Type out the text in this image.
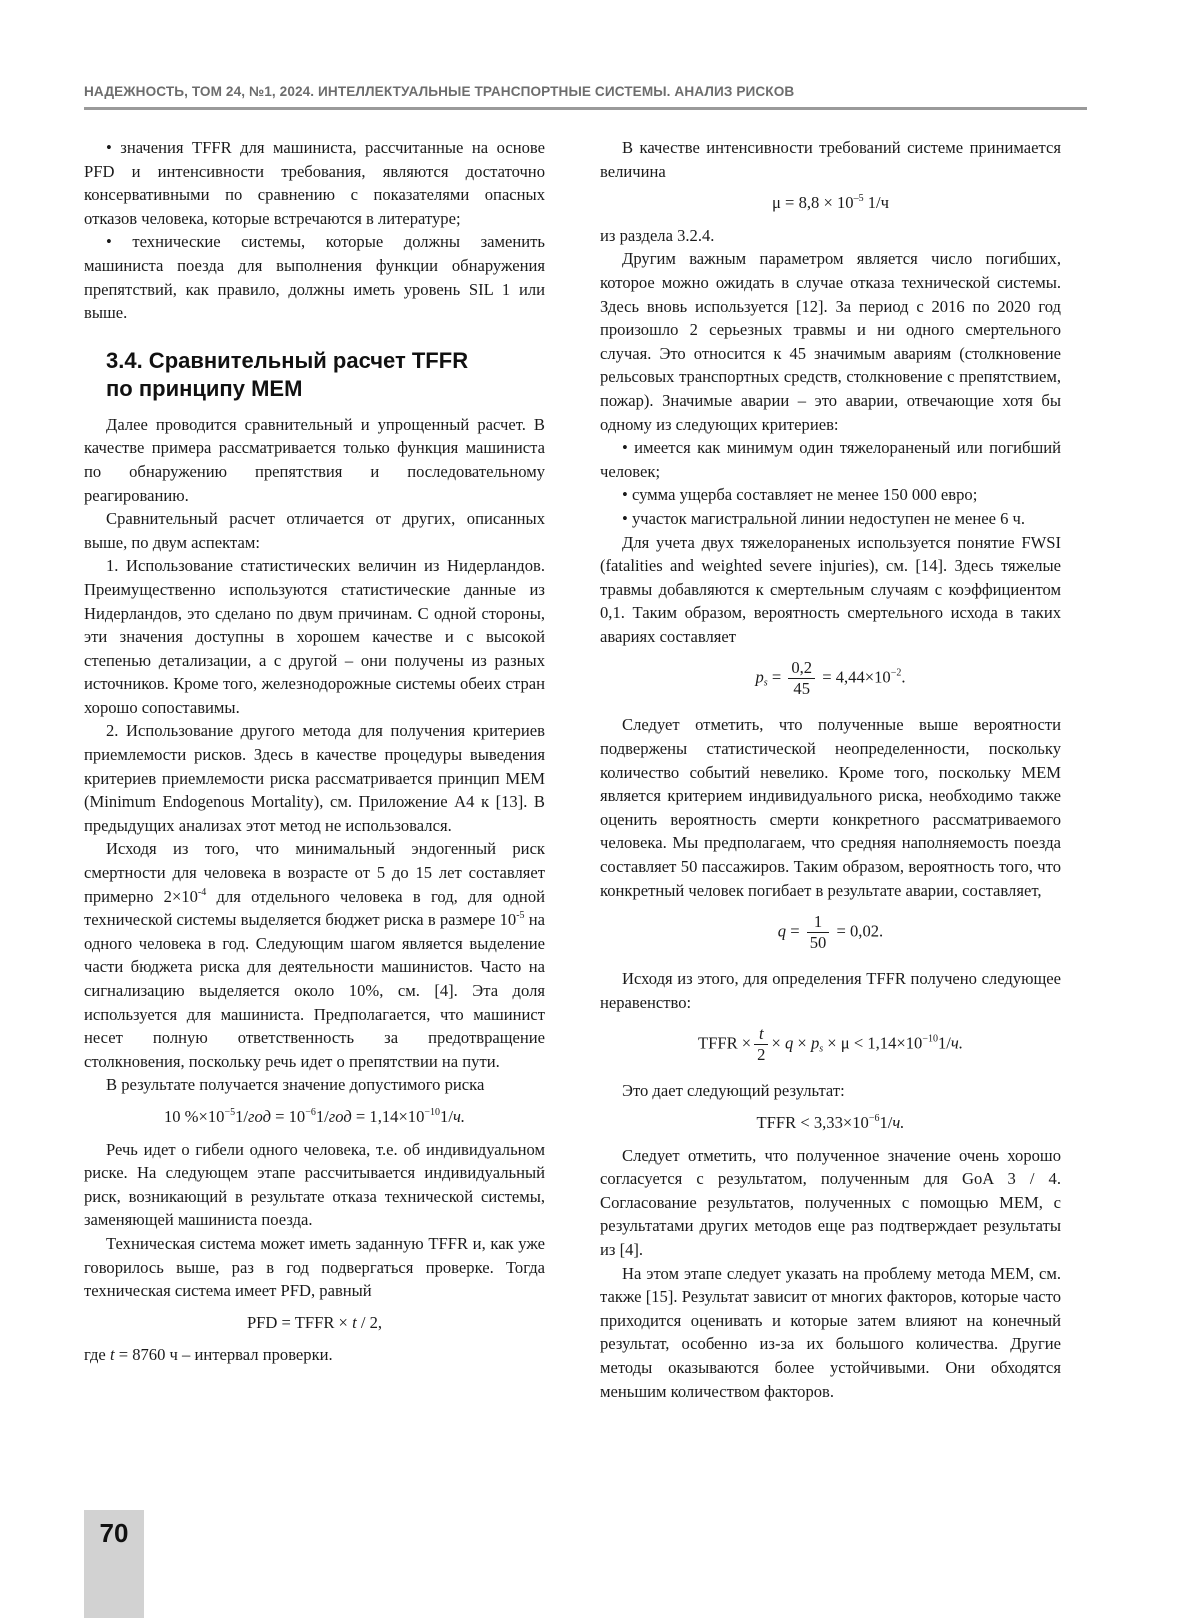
НАДЕЖНОСТЬ, ТОМ 24, №1, 2024. ИНТЕЛЛЕКТУАЛЬНЫЕ ТРАНСПОРТНЫЕ СИСТЕМЫ. АНАЛИЗ РИСКОВ

• значения TFFR для машиниста, рассчитанные на основе PFD и интенсивности требования, являются достаточно консервативными по сравнению с показателями опасных отказов человека, которые встречаются в литературе;

• технические системы, которые должны заменить машиниста поезда для выполнения функции обнаружения препятствий, как правило, должны иметь уровень SIL 1 или выше.

3.4. Сравнительный расчет TFFR
по принципу МЕМ

Далее проводится сравнительный и упрощенный расчет. В качестве примера рассматривается только функция машиниста по обнаружению препятствия и последовательному реагированию.

Сравнительный расчет отличается от других, описанных выше, по двум аспектам:

1. Использование статистических величин из Нидерландов. Преимущественно используются статистические данные из Нидерландов, это сделано по двум причинам. С одной стороны, эти значения доступны в хорошем качестве и с высокой степенью детализации, а с другой – они получены из разных источников. Кроме того, железнодорожные системы обеих стран хорошо сопоставимы.

2. Использование другого метода для получения критериев приемлемости рисков. Здесь в качестве процедуры выведения критериев приемлемости риска рассматривается принцип MEM (Minimum Endogenous Mortality), см. Приложение А4 к [13]. В предыдущих анализах этот метод не использовался.

Исходя из того, что минимальный эндогенный риск смертности для человека в возрасте от 5 до 15 лет составляет примерно $2\times 10^{-4}$ для отдельного человека в год, для одной технической системы выделяется бюджет риска в размере $10^{-5}$ на одного человека в год. Следующим шагом является выделение части бюджета риска для деятельности машинистов. Часто на сигнализацию выделяется около 10%, см. [4]. Эта доля используется для машиниста. Предполагается, что машинист несет полную ответственность за предотвращение столкновения, поскольку речь идет о препятствии на пути.

В результате получается значение допустимого риска

10 $\%\times 10^{-5}1$/год = $10^{-6}1$/год = $1,14\times 10^{-10}1/ч$.

Речь идет о гибели одного человека, т.е. об индивидуальном риске. На следующем этапе рассчитывается индивидуальный риск, возникающий в результате отказа технической системы, заменяющей машиниста поезда.

Техническая система может иметь заданную TFFR и, как уже говорилось выше, раз в год подвергаться проверке. Тогда техническая система имеет PFD, равный

PFD = TFFR × t / 2,

где t = 8760 ч – интервал проверки.

В качестве интенсивности требований системе принимается величина

$\mu = 8,8 \times 10^{-5}$ 1/ч

из раздела 3.2.4.

Другим важным параметром является число погибших, которое можно ожидать в случае отказа технической системы. Здесь вновь используется [12]. За период с 2016 по 2020 год произошло 2 серьезных травмы и ни одного смертельного случая. Это относится к 45 значимым авариям (столкновение рельсовых транспортных средств, столкновение с препятствием, пожар). Значимые аварии – это аварии, отвечающие хотя бы одному из следующих критериев:

• имеется как минимум один тяжелораненый или погибший человек;

• сумма ущерба составляет не менее 150 000 евро;

• участок магистральной линии недоступен не менее 6 ч.

Для учета двух тяжелораненых используется понятие FWSI (fatalities and weighted severe injuries), см. [14]. Здесь тяжелые травмы добавляются к смертельным случаям с коэффициентом 0,1. Таким образом, вероятность смертельного исхода в таких авариях составляет

$p_s = \frac{0,2}{45} = 4,44\times 10^{-2}$.

Следует отметить, что полученные выше вероятности подвержены статистической неопределенности, поскольку количество событий невелико. Кроме того, поскольку MEM является критерием индивидуального риска, необходимо также оценить вероятность смерти конкретного рассматриваемого человека. Мы предполагаем, что средняя наполняемость поезда составляет 50 пассажиров. Таким образом, вероятность того, что конкретный человек погибает в результате аварии, составляет,

$q = \frac{1}{50} = 0,02$.

Исходя из этого, для определения TFFR получено следующее неравенство:

TFFR × $\frac{t}{2} \times q \times p_s \times \mu < 1,14\times 10^{-10}1/ч$.

Это дает следующий результат:

TFFR < $3,33\times 10^{-6}1/ч$.

Следует отметить, что полученное значение очень хорошо согласуется с результатом, полученным для GoA 3 / 4. Согласование результатов, полученных с помощью MEM, с результатами других методов еще раз подтверждает результаты из [4].

На этом этапе следует указать на проблему метода MEM, см. также [15]. Результат зависит от многих факторов, которые часто приходится оценивать и которые затем влияют на конечный результат, особенно из-за их большого количества. Другие методы оказываются более устойчивыми. Они обходятся меньшим количеством факторов.

70
